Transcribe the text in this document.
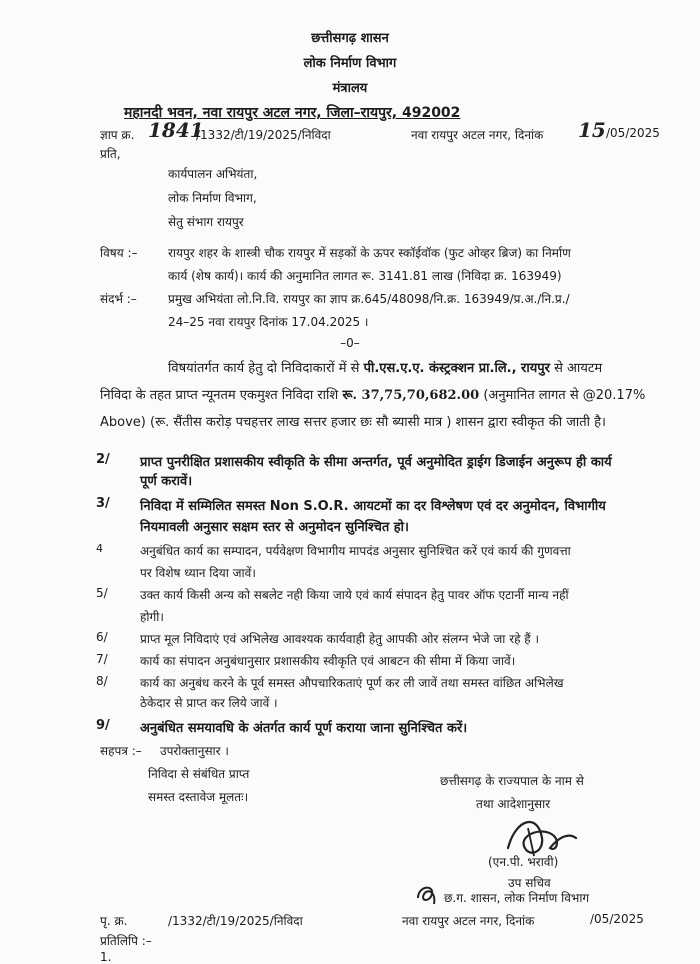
छत्तीसगढ़ शासन
लोक निर्माण विभाग
मंत्रालय
महानदी भवन, नवा रायपुर अटल नगर, जिला–रायपुर, 492002
ज्ञाप क्र. 1841
/1332/टी/19/2025/निविदा	नवा रायपुर अटल नगर, दिनांक 15 /05/2025
प्रति,
कार्यपालन अभियंता,
लोक निर्माण विभाग,
सेतु संभाग रायपुर
विषय :–	रायपुर शहर के शास्त्री चौक रायपुर में सड़कों के ऊपर स्कॉईवॉक (फुट ओव्हर ब्रिज) का निर्माण
कार्य (शेष कार्य)। कार्य की अनुमानित लागत रू. 3141.81 लाख (निविदा क्र. 163949)
संदर्भ :–	प्रमुख अभियंता लो.नि.वि. रायपुर का ज्ञाप क्र.645/48098/नि.क्र. 163949/प्र.अ./नि.प्र./
24–25 नवा रायपुर दिनांक 17.04.2025 ।
–0–
विषयांतर्गत कार्य हेतु दो निविदाकारों में से पी.एस.ए.ए. कंस्ट्रक्शन प्रा.लि., रायपुर से आयटम
निविदा के तहत प्राप्त न्यूनतम एकमुश्त निविदा राशि रू. 37,75,70,682.00 (अनुमानित लागत से @20.17%
Above) (रू. सैंतीस करोड़ पचहत्तर लाख सत्तर हजार छः सौ ब्यासी मात्र ) शासन द्वारा स्वीकृत की जाती है।
2/ प्राप्त पुनरीक्षित प्रशासकीय स्वीकृति के सीमा अन्तर्गत, पूर्व अनुमोदित ड्राईग डिजाईन अनुरूप ही कार्य
पूर्ण करावें।
3/ निविदा में सम्मिलित समस्त Non S.O.R. आयटमों का दर विश्लेषण एवं दर अनुमोदन, विभागीय
नियमावली अनुसार सक्षम स्तर से अनुमोदन सुनिश्चित हो।
4	अनुबंधित कार्य का सम्पादन, पर्यवेक्षण विभागीय मापदंड अनुसार सुनिश्चित करें एवं कार्य की गुणवत्ता
पर विशेष ध्यान दिया जावें।
5/	उक्त कार्य किसी अन्य को सबलेट नही किया जाये एवं कार्य संपादन हेतु पावर ऑफ एटार्नी मान्य नहीं
होगी।
6/	प्राप्त मूल निविदाएं एवं अभिलेख आवश्यक कार्यवाही हेतु आपकी ओर संलग्न भेजे जा रहे हैं ।
7/	कार्य का संपादन अनुबंधानुसार प्रशासकीय स्वीकृति एवं आबटन की सीमा में किया जावें।
8/	कार्य का अनुबंध करने के पूर्व समस्त औपचारिकताएं पूर्ण कर ली जावें तथा समस्त वांछित अभिलेख
ठेकेदार से प्राप्त कर लिये जावें ।
9/ अनुबंधित समयावधि के अंतर्गत कार्य पूर्ण कराया जाना सुनिश्चित करें।
सहपत्र :– उपरोक्तानुसार ।
निविदा से संबंधित प्राप्त
समस्त दस्तावेज मूलतः।
छत्तीसगढ़ के राज्यपाल के नाम से
तथा आदेशानुसार
(एन.पी. भरावी)
उप सचिव
छ.ग. शासन, लोक निर्माण विभाग
पृ. क्र.	/1332/टी/19/2025/निविदा	नवा रायपुर अटल नगर, दिनांक	/05/2025
प्रतिलिपि :–
1.
